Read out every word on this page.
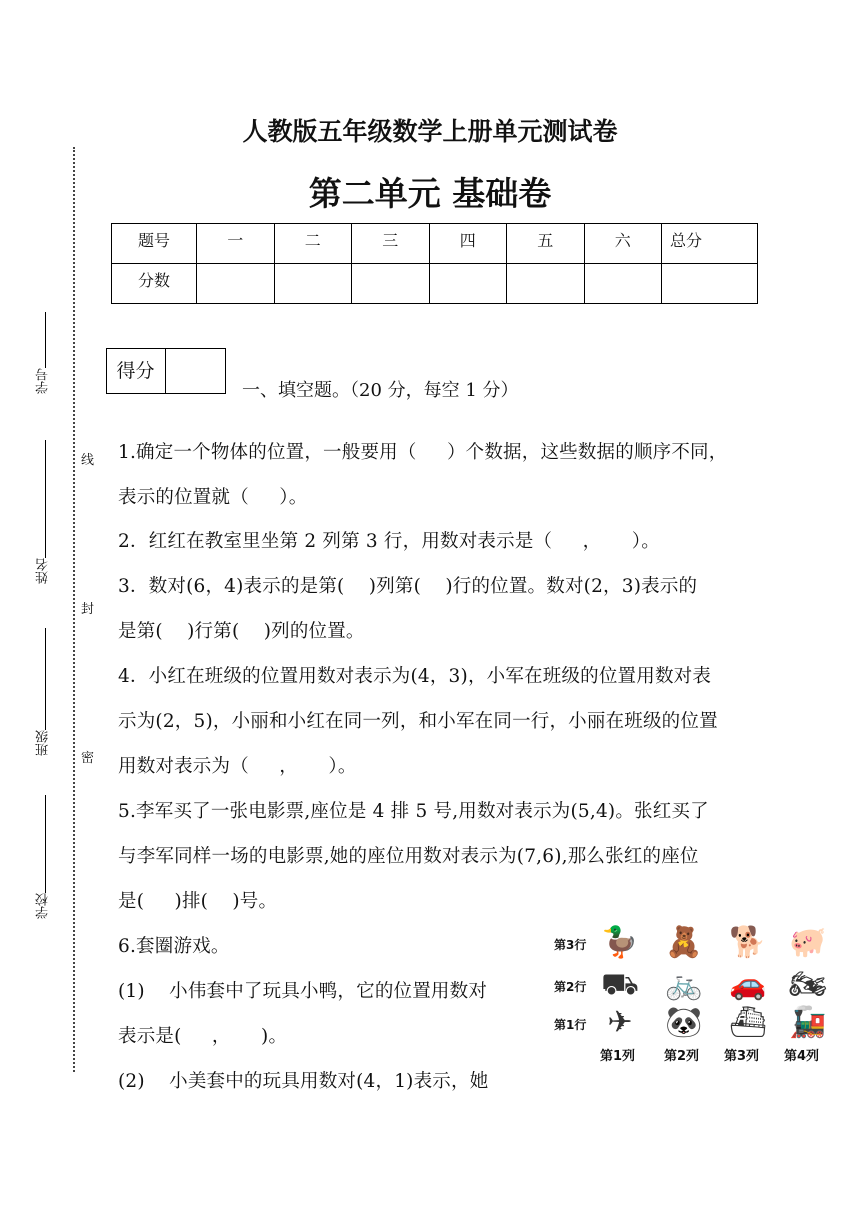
学号
姓名
班级
学校
线
封
密
人教版五年级数学上册单元测试卷
第二单元 基础卷
题号	一	二	三	四	五	六	总分
分数							
得分
一、填空题。（20 分，每空 1 分）
1.确定一个物体的位置，一般要用（     ）个数据，这些数据的顺序不同，
表示的位置就（     ）。
2．红红在教室里坐第 2 列第 3 行，用数对表示是（     ，     ）。
3．数对(6，4)表示的是第(    )列第(    )行的位置。数对(2，3)表示的
是第(    )行第(    )列的位置。
4．小红在班级的位置用数对表示为(4，3)，小军在班级的位置用数对表
示为(2，5)，小丽和小红在同一列，和小军在同一行，小丽在班级的位置
用数对表示为（     ，     ）。
5.李军买了一张电影票,座位是 4 排 5 号,用数对表示为(5,4)。张红买了
与李军同样一场的电影票,她的座位用数对表示为(7,6),那么张红的座位
是(     )排(    )号。
6.套圈游戏。
(1)    小伟套中了玩具小鸭，它的位置用数对
表示是(     ，     )。
(2)    小美套中的玩具用数对(4，1)表示，她
第3行
第2行
第1行
🦆 🧸 🐕 🐖
⛟ 🚲 🚗 🏍
✈	🐼 ⛴ 🚂
第1列 第2列 第3列 第4列
